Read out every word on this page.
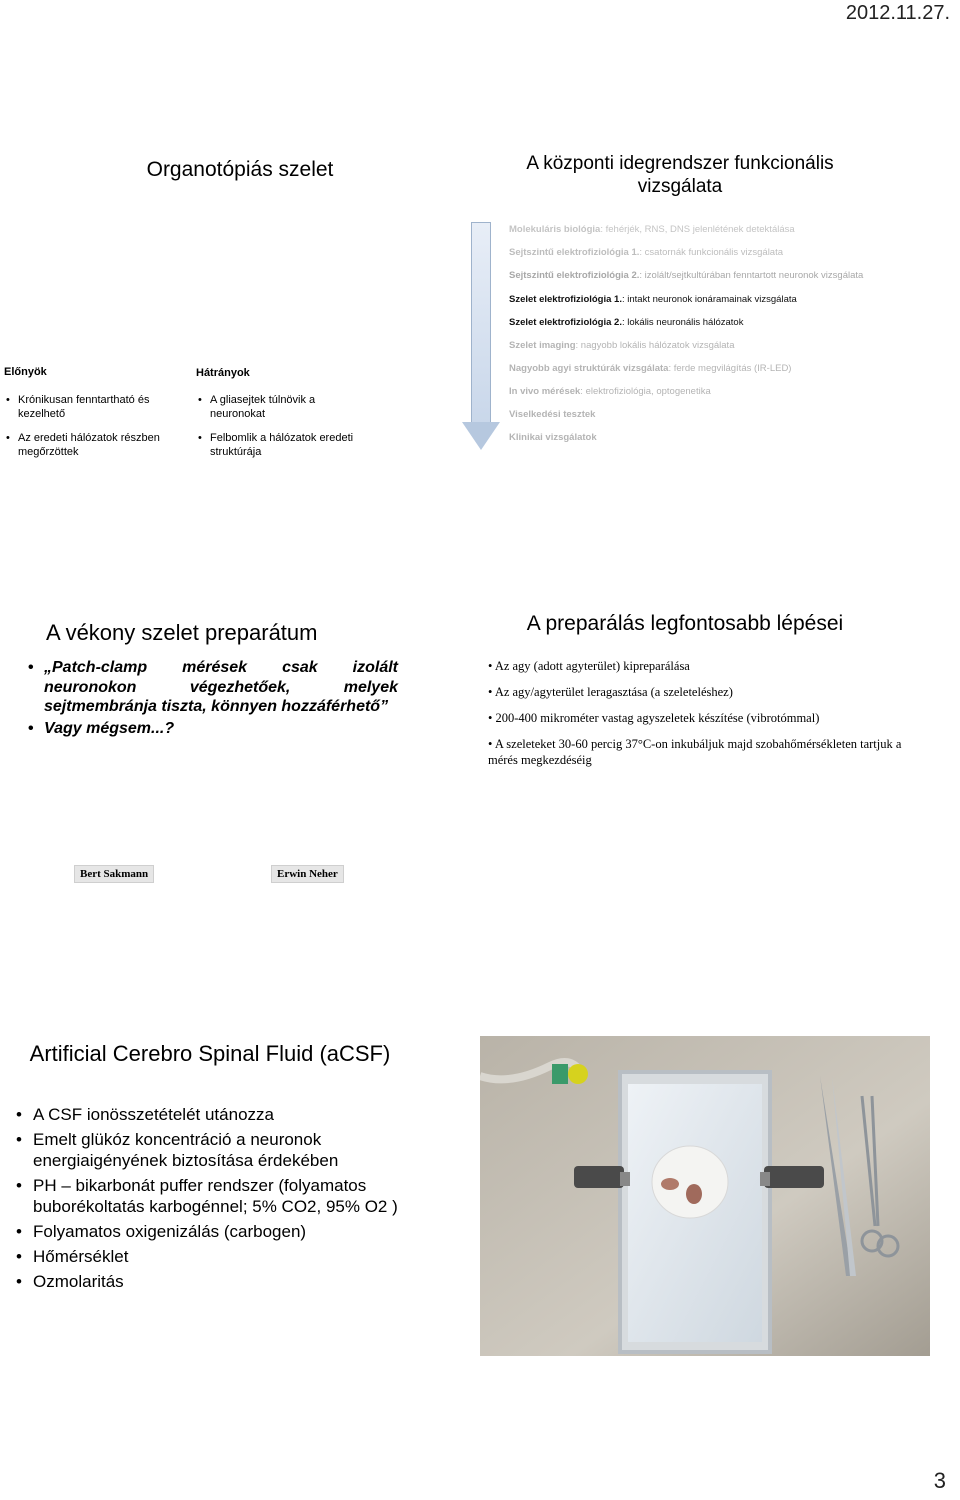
2012.11.27.
3
Organotópiás szelet
Előnyök
• Krónikusan fenntartható és kezelhető
• Az eredeti hálózatok részben megőrzöttek
Hátrányok
• A gliasejtek túlnövik a neuronokat
• Felbomlik a hálózatok eredeti struktúrája
A központi idegrendszer funkcionális vizsgálata
Molekuláris biológia: fehérjék, RNS, DNS jelenlétének detektálása
Sejtszintű elektrofiziológia 1.: csatornák funkcionális vizsgálata
Sejtszintű elektrofiziológia 2.: izolált/sejtkultúrában fenntartott neuronok vizsgálata
Szelet elektrofiziológia 1.: intakt neuronok ionáramainak vizsgálata
Szelet elektrofiziológia 2.: lokális neuronális hálózatok
Szelet imaging: nagyobb lokális hálózatok vizsgálata
Nagyobb agyi struktúrák vizsgálata: ferde megvilágítás (IR-LED)
In vivo mérések: elektrofiziológia, optogenetika
Viselkedési tesztek
Klinikai vizsgálatok
A vékony szelet preparátum
• „Patch-clamp mérések csak izolált neuronokon végezhetőek, melyek sejtmembránja tiszta, könnyen hozzáférhető”
• Vagy mégsem...?
A preparálás legfontosabb lépései
• Az agy (adott agyterület) kipreparálása
• Az agy/agyterület leragasztása (a szeleteléshez)
• 200-400 mikrométer vastag agyszeletek készítése (vibrotómmal)
• A szeleteket 30-60 percig 37°C-on inkubáljuk majd szobahőmérsékleten tartjuk a mérés megkezdéséig
Bert Sakmann	Erwin Neher
Artificial Cerebro Spinal Fluid (aCSF)
• A CSF ionösszetételét utánozza
• Emelt glükóz koncentráció a neuronok energiaigényének biztosítása érdekében
• PH – bikarbonát puffer rendszer (folyamatos buborékoltatás karbogénnel; 5% CO2, 95% O2 )
• Folyamatos oxigenizálás (carbogen)
• Hőmérséklet
• Ozmolaritás
